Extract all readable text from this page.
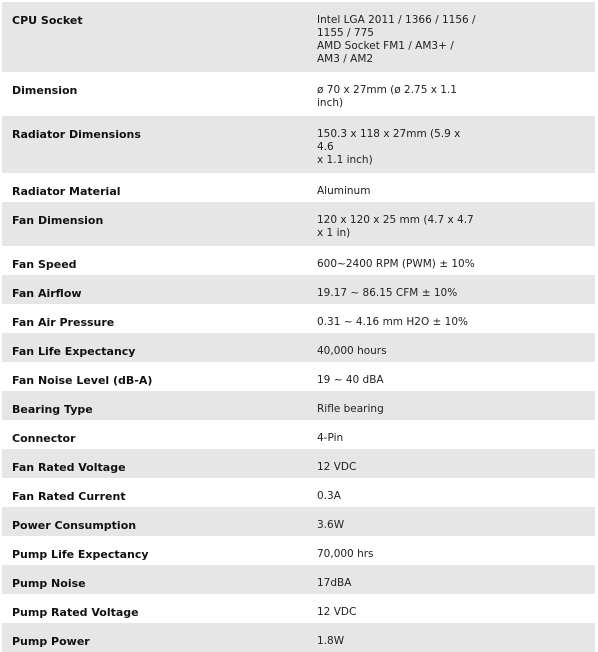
CPU Socket	Intel LGA 2011 / 1366 / 1156 /
1155 / 775
AMD Socket FM1 / AM3+ /
AM3 / AM2

Dimension	ø 70 x 27mm (ø 2.75 x 1.1
inch)

Radiator Dimensions	150.3 x 118 x 27mm (5.9 x 4.6
x 1.1 inch)

Radiator Material	Aluminum

Fan Dimension	120 x 120 x 25 mm (4.7 x 4.7
x 1 in)

Fan Speed	600~2400 RPM (PWM) ± 10%

Fan Airflow	19.17 ~ 86.15 CFM ± 10%

Fan Air Pressure	0.31 ~ 4.16 mm H2O ± 10%

Fan Life Expectancy	40,000 hours

Fan Noise Level (dB-A)	19 ~ 40 dBA

Bearing Type	Rifle bearing

Connector	4-Pin

Fan Rated Voltage	12 VDC

Fan Rated Current	0.3A

Power Consumption	3.6W

Pump Life Expectancy	70,000 hrs

Pump Noise	17dBA

Pump Rated Voltage	12 VDC

Pump Power	1.8W
